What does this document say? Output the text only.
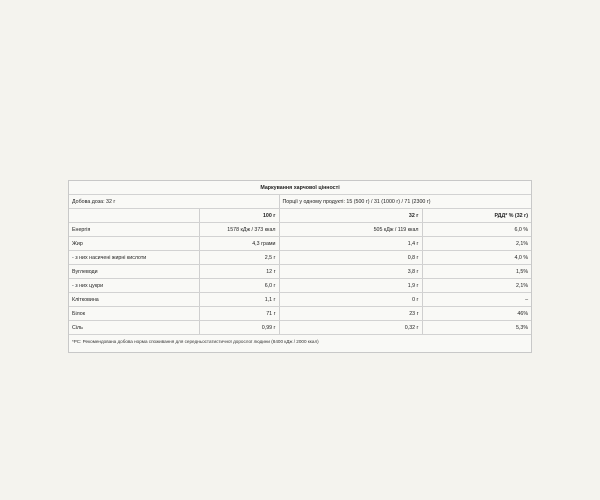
Маркування харчової цінності			
Добова доза: 32 г		Порції у одному продукті: 15 (500 г) / 31 (1000 г) / 71 (2300 г)	
	100 г	32 г	РДД* % (32 г)
Енергія	1578 кДж / 373 ккал	505 кДж / 119 ккал	6,0 %
Жир	4,3 грами	1,4 г	2,1%
- з них насичені жирні кислоти	2,5 г	0,8 г	4,0 %
Вуглеводи	12 г	3,8 г	1,5%
- з них цукри	6,0 г	1,9 г	2,1%
Клітковина	1,1 г	0 г	–
Білок	71 г	23 г	46%
Сіль	0,99 г	0,32 г	5,3%
*РС: Рекомендована добова норма споживання для середньостатистичної дорослої людини (8400 кДж / 2000 ккал)			
